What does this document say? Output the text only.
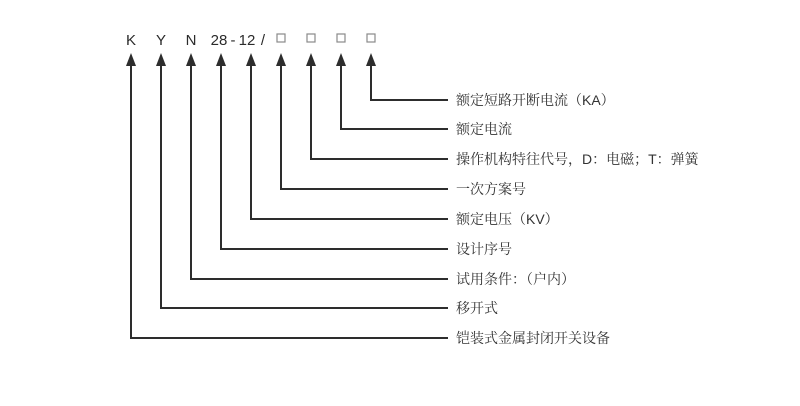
K Y N 28 - 12 /
额定短路开断电流（KA）
额定电流
操作机构特往代号，D：电磁；T：弹簧
一次方案号
额定电压（KV）
设计序号
试用条件：（户内）
移开式
铠装式金属封闭开关设备
